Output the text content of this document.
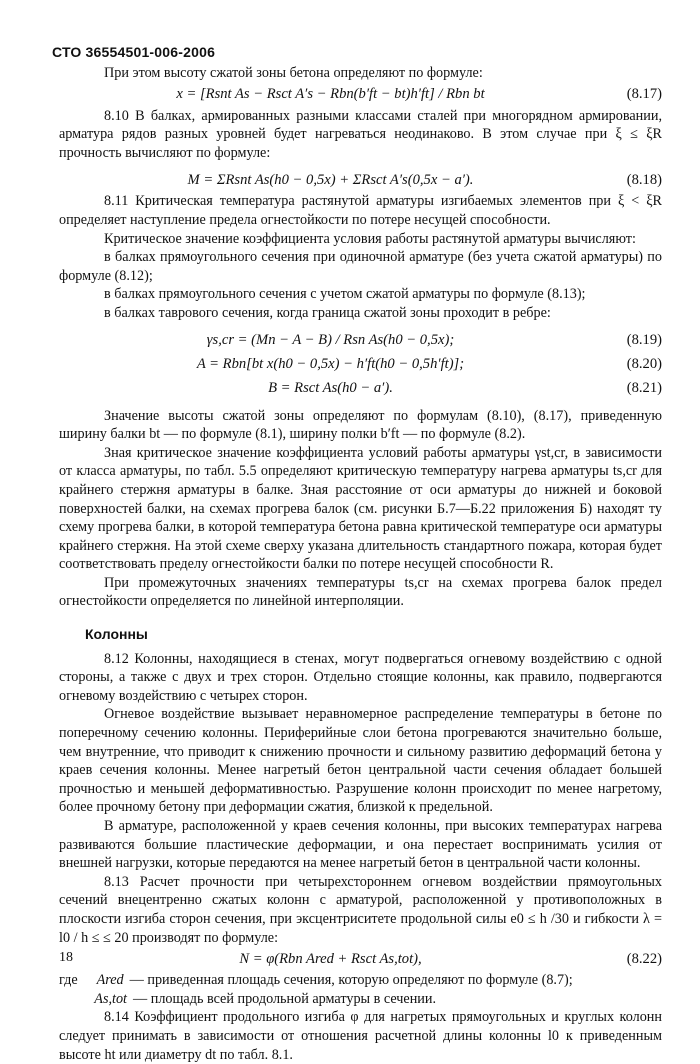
СТО 36554501-006-2006

При этом высоту сжатой зоны бетона определяют по формуле:

x = [Rsnt As − Rsct A′s − Rbn(b′ft − bt)h′ft] / Rbn bt	(8.17)

8.10 В балках, армированных разными классами сталей при многорядном армировании, арматура рядов разных уровней будет нагреваться неодинаково. В этом случае при ξ ≤ ξR прочность вычисляют по формуле:

M = ΣRsnt As(h0 − 0,5x) + ΣRsct A′s(0,5x − a′).	(8.18)

8.11 Критическая температура растянутой арматуры изгибаемых элементов при ξ < ξR определяет наступление предела огнестойкости по потере несущей способности.

Критическое значение коэффициента условия работы растянутой арматуры вычисляют:

в балках прямоугольного сечения при одиночной арматуре (без учета сжатой арматуры) по формуле (8.12);

в балках прямоугольного сечения с учетом сжатой арматуры по формуле (8.13);

в балках таврового сечения, когда граница сжатой зоны проходит в ребре:

γs,cr = (Mn − A − B) / Rsn As(h0 − 0,5x);	(8.19)
A = Rbn[bt x(h0 − 0,5x) − h′ft(h0 − 0,5h′ft)];	(8.20)
B = Rsct As(h0 − a′).	(8.21)

Значение высоты сжатой зоны определяют по формулам (8.10), (8.17), приведенную ширину балки bt — по формуле (8.1), ширину полки b′ft — по формуле (8.2).

Зная критическое значение коэффициента условий работы арматуры γst,cr, в зависимости от класса арматуры, по табл. 5.5 определяют критическую температуру нагрева арматуры ts,cr для крайнего стержня арматуры в балке. Зная расстояние от оси арматуры до нижней и боковой поверхностей балки, на схемах прогрева балок (см. рисунки Б.7—Б.22 приложения Б) находят ту схему прогрева балки, в которой температура бетона равна критической температуре оси арматуры крайнего стержня. На этой схеме сверху указана длительность стандартного пожара, которая будет соответствовать пределу огнестойкости балки по потере несущей способности R.

При промежуточных значениях температуры ts,cr на схемах прогрева балок предел огнестойкости определяется по линейной интерполяции.

Колонны

8.12 Колонны, находящиеся в стенах, могут подвергаться огневому воздействию с одной стороны, а также с двух и трех сторон. Отдельно стоящие колонны, как правило, подвергаются огневому воздействию с четырех сторон.

Огневое воздействие вызывает неравномерное распределение температуры в бетоне по поперечному сечению колонны. Периферийные слои бетона прогреваются значительно больше, чем внутренние, что приводит к снижению прочности и сильному развитию деформаций бетона у краев сечения колонны. Менее нагретый бетон центральной части сечения обладает большей прочностью и меньшей деформативностью. Разрушение колонн происходит по менее нагретому, более прочному бетону при деформации сжатия, близкой к предельной.

В арматуре, расположенной у краев сечения колонны, при высоких температурах нагрева развиваются большие пластические деформации, и она перестает воспринимать усилия от внешней нагрузки, которые передаются на менее нагретый бетон в центральной части колонны.

8.13 Расчет прочности при четырехстороннем огневом воздействии прямоугольных сечений внецентренно сжатых колонн с арматурой, расположенной у противоположных в плоскости изгиба сторон сечения, при эксцентриситете продольной силы e0 ≤ h /30 и гибкости λ = l0 / h ≤ ≤ 20 производят по формуле:

N = φ(Rbn Ared + Rsct As,tot),	(8.22)
где	Ared — приведенная площадь сечения, которую определяют по формуле (8.7);
As,tot — площадь всей продольной арматуры в сечении.

8.14 Коэффициент продольного изгиба φ для нагретых прямоугольных и круглых колонн следует принимать в зависимости от отношения расчетной длины колонны l0 к приведенным высоте ht или диаметру dt по табл. 8.1.

18
